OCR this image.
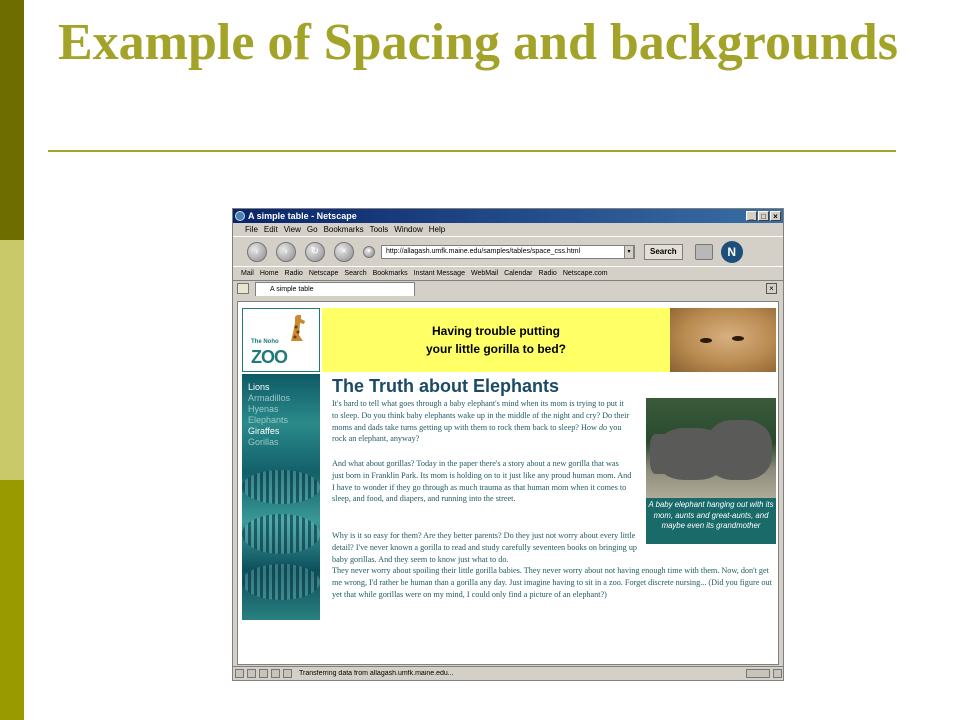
Example of Spacing and backgrounds
A simple table - Netscape	_ □ ×
File Edit View Go Bookmarks Tools Window Help
‹	›	↻	×	▾	http://allagash.umfk.maine.edu/samples/tables/space_css.html	▾	Search	N
Mail Home Radio Netscape Search Bookmarks Instant Message WebMail Calendar Radio Netscape.com
A simple table	×
The Noho
ZOO
Having trouble putting
your little gorilla to bed?
Lions
Armadillos
Hyenas
Elephants
Giraffes
Gorillas
The Truth about Elephants
It's hard to tell what goes through a baby elephant's mind when its mom is trying to put it to sleep. Do you think baby elephants wake up in the middle of the night and cry? Do their moms and dads take turns getting up with them to rock them back to sleep? How do you rock an elephant, anyway?
And what about gorillas? Today in the paper there's a story about a new gorilla that was just born in Franklin Park. Its mom is holding on to it just like any proud human mom. And I have to wonder if they go through as much trauma as that human mom when it comes to sleep, and food, and diapers, and running into the street.
Why is it so easy for them? Are they better parents? Do they just not worry about every little detail? I've never known a gorilla to read and study carefully seventeen books on bringing up baby gorillas. And they seem to know just what to do.
They never worry about spoiling their little gorilla babies. They never worry about not having enough time with them. Now, don't get me wrong, I'd rather be human than a gorilla any day. Just imagine having to sit in a zoo. Forget discrete nursing... (Did you figure out yet that while gorillas were on my mind, I could only find a picture of an elephant?)
A baby elephant hanging out with its mom, aunts and great-aunts, and maybe even its grandmother
Transferring data from allagash.umfk.maine.edu...
